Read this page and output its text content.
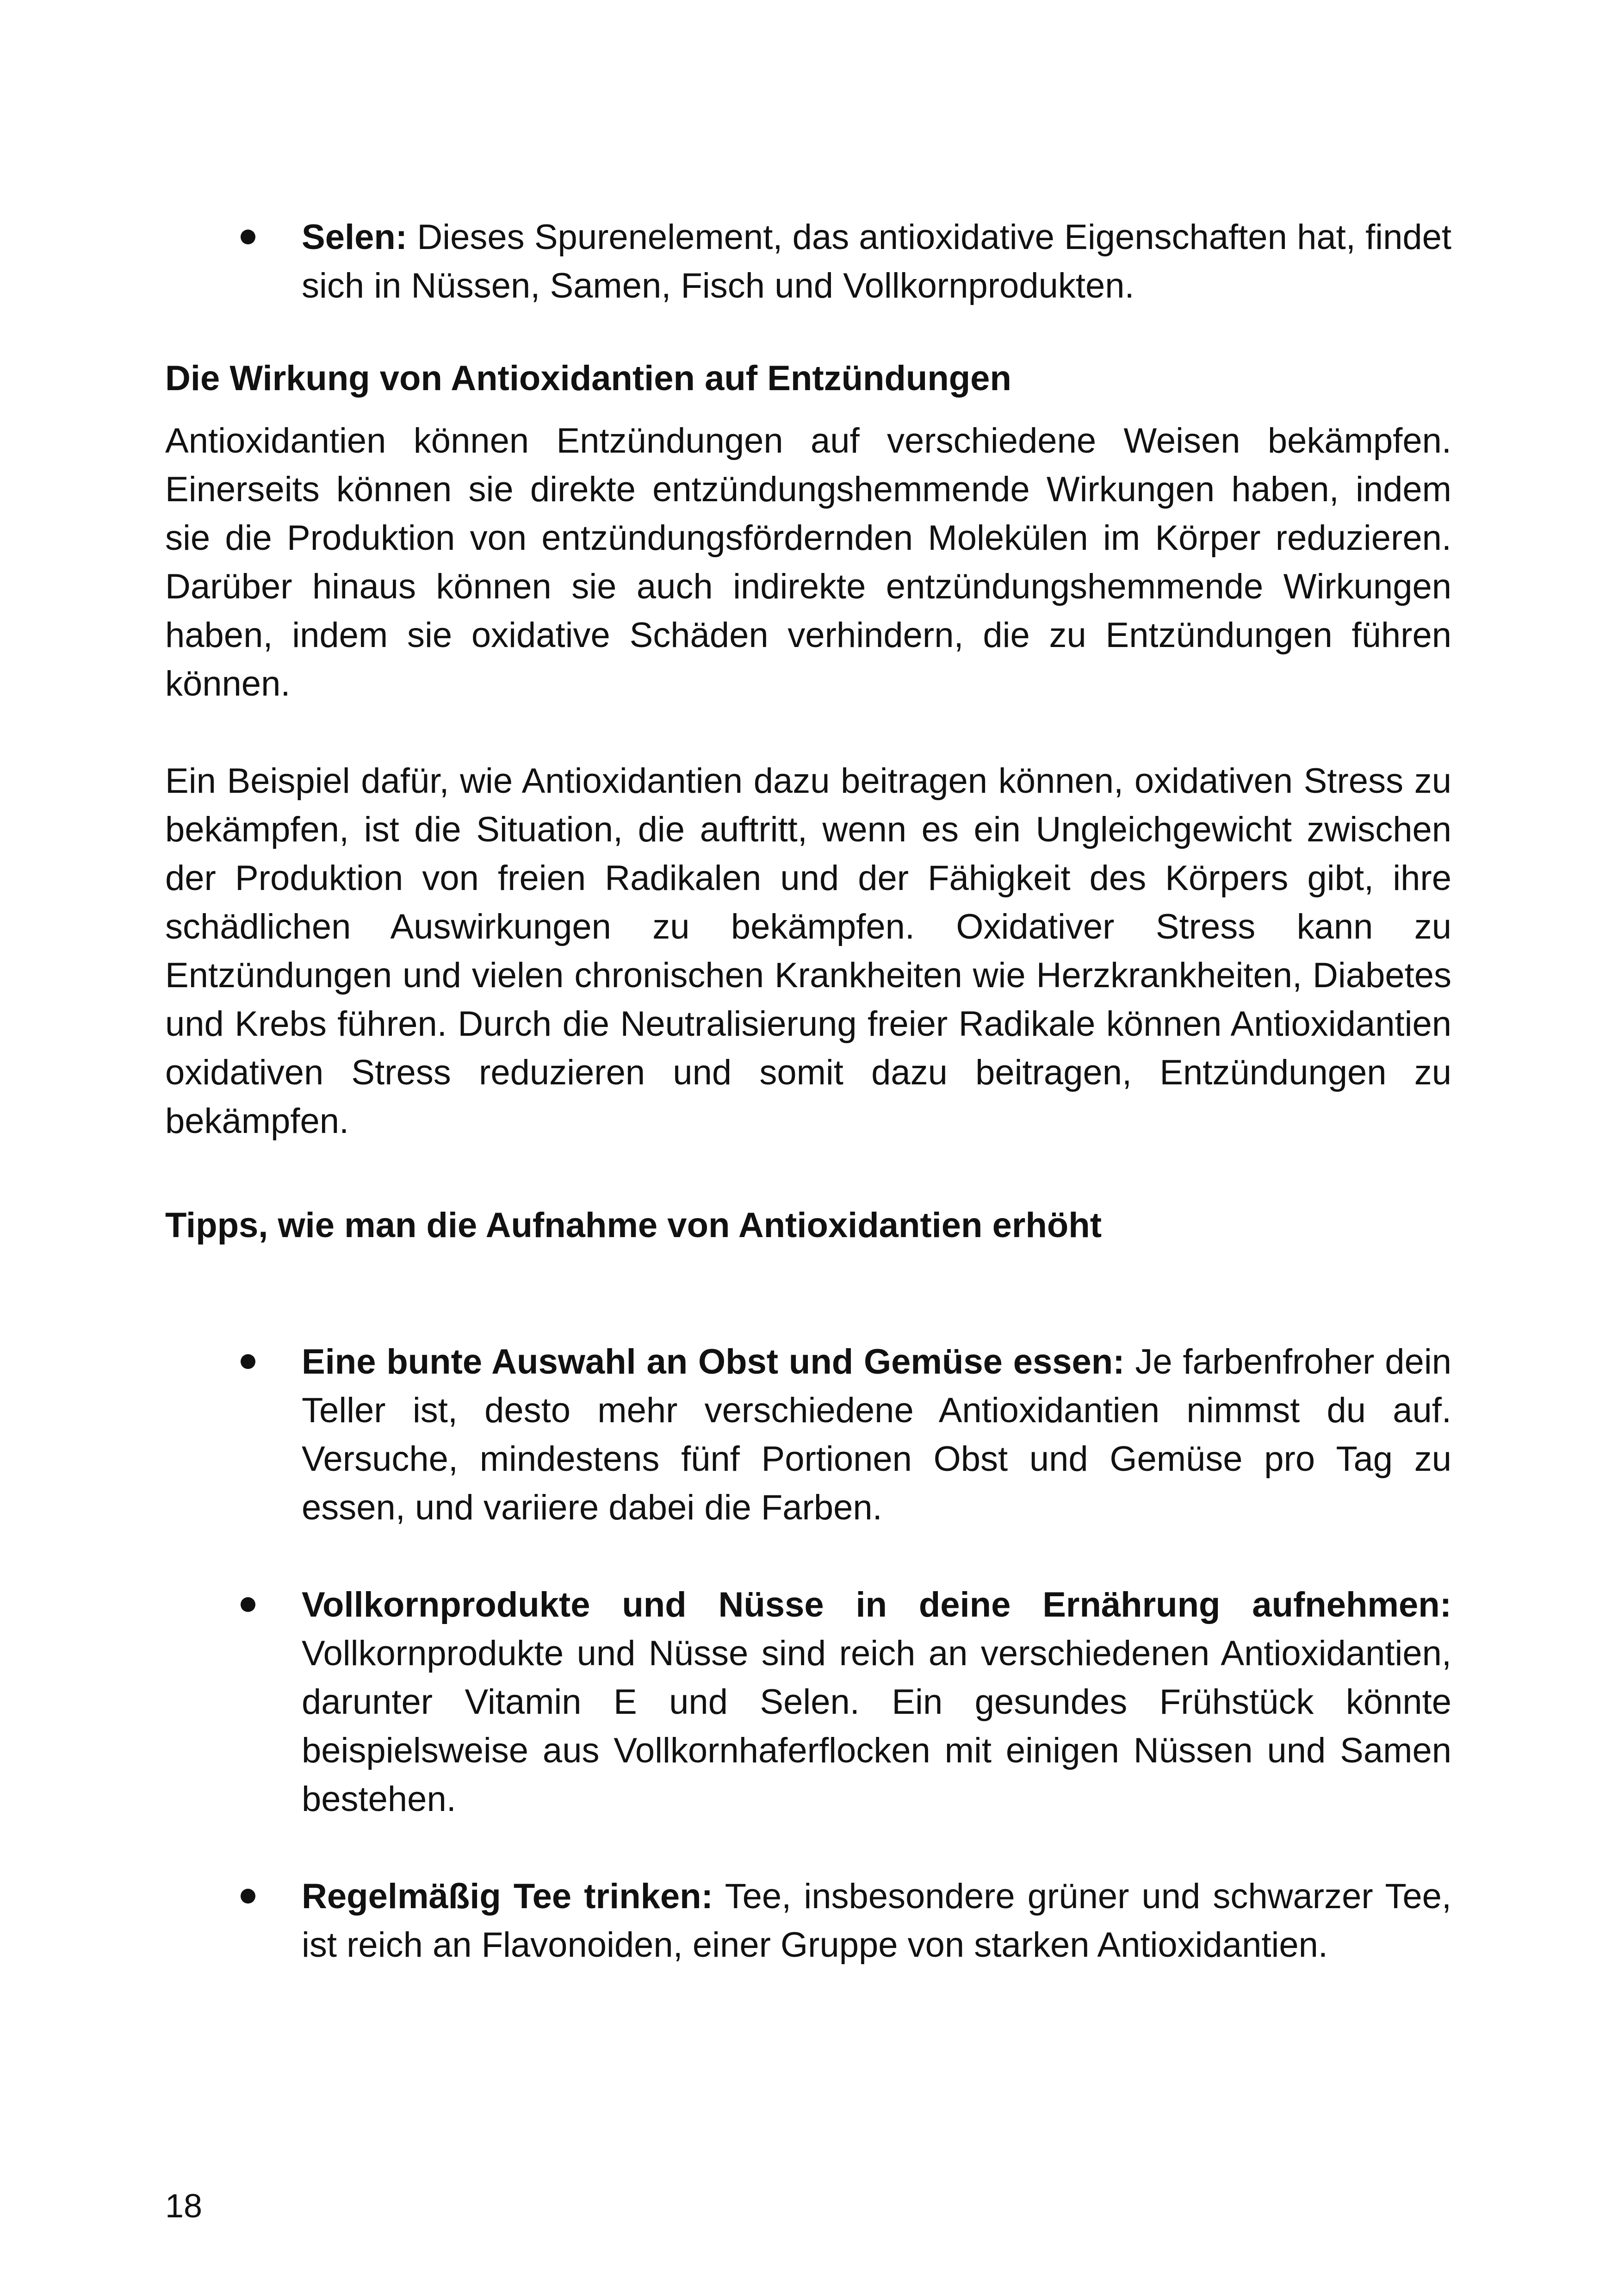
Selen: Dieses Spurenelement, das antioxidative Eigenschaften hat, findet sich in Nüssen, Samen, Fisch und Vollkornprodukten.
Die Wirkung von Antioxidantien auf Entzündungen

Antioxidantien können Entzündungen auf verschiedene Weisen bekämpfen. Einerseits können sie direkte entzündungshemmende Wirkungen haben, indem sie die Produktion von entzündungsfördernden Molekülen im Körper reduzieren. Darüber hinaus können sie auch indirekte entzündungshemmende Wirkungen haben, indem sie oxidative Schäden verhindern, die zu Entzündungen führen können.

Ein Beispiel dafür, wie Antioxidantien dazu beitragen können, oxidativen Stress zu bekämpfen, ist die Situation, die auftritt, wenn es ein Ungleichgewicht zwischen der Produktion von freien Radikalen und der Fähigkeit des Körpers gibt, ihre schädlichen Auswirkungen zu bekämpfen. Oxidativer Stress kann zu Entzündungen und vielen chronischen Krankheiten wie Herzkrankheiten, Diabetes und Krebs führen. Durch die Neutralisierung freier Radikale können Antioxidantien oxidativen Stress reduzieren und somit dazu beitragen, Entzündungen zu bekämpfen.

Tipps, wie man die Aufnahme von Antioxidantien erhöht
Eine bunte Auswahl an Obst und Gemüse essen: Je farbenfroher dein Teller ist, desto mehr verschiedene Antioxidantien nimmst du auf. Versuche, mindestens fünf Portionen Obst und Gemüse pro Tag zu essen, und variiere dabei die Farben.
Vollkornprodukte und Nüsse in deine Ernährung aufnehmen: Vollkornprodukte und Nüsse sind reich an verschiedenen Antioxidantien, darunter Vitamin E und Selen. Ein gesundes Frühstück könnte beispielsweise aus Vollkornhaferflocken mit einigen Nüssen und Samen bestehen.
Regelmäßig Tee trinken: Tee, insbesondere grüner und schwarzer Tee, ist reich an Flavonoiden, einer Gruppe von starken Antioxidantien.
18
